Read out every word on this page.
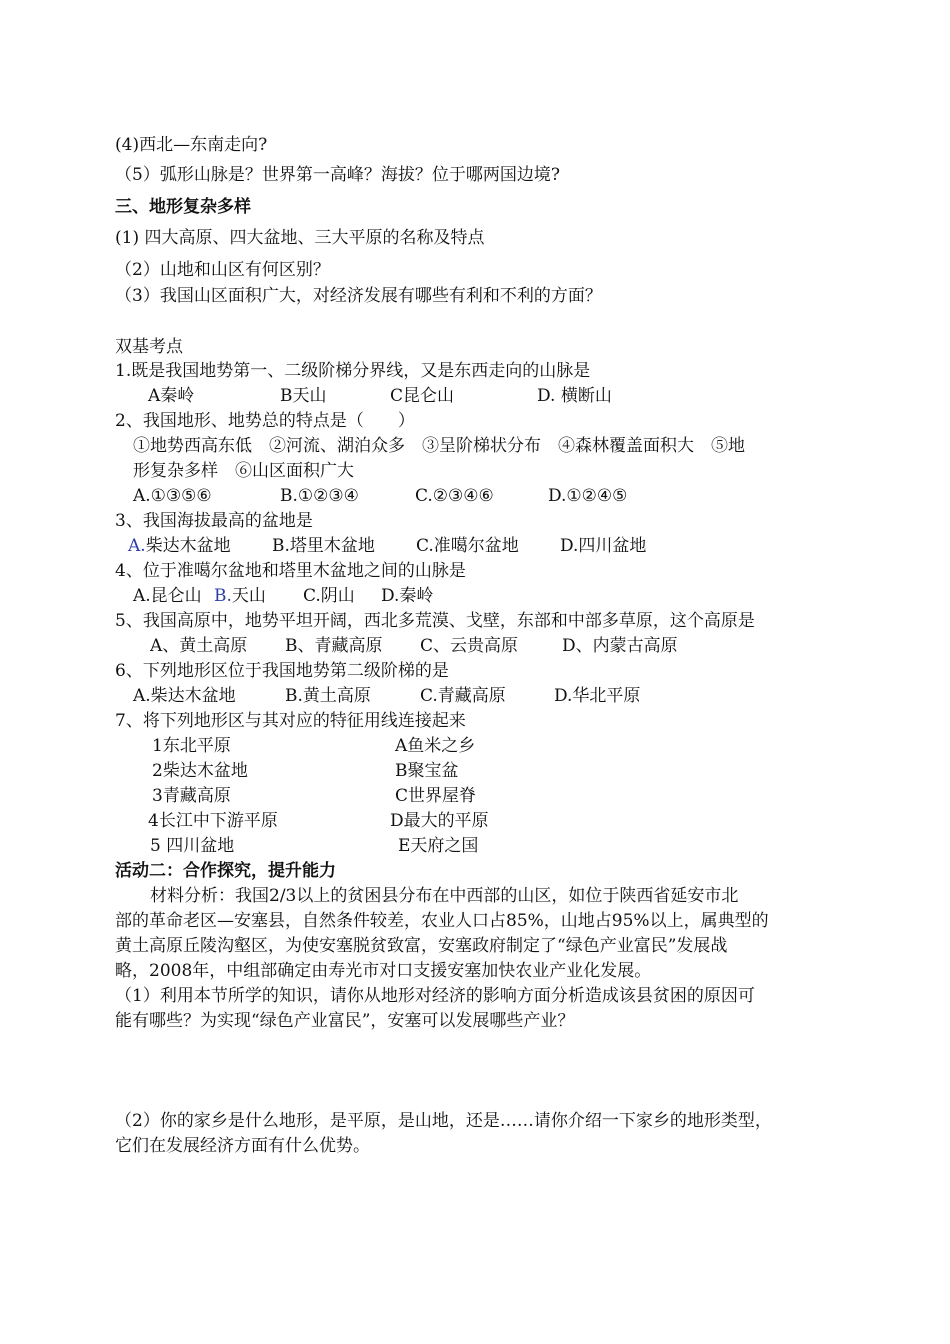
(4)西北—东南走向?
（5）弧形山脉是？世界第一高峰？海拔？位于哪两国边境?
三、地形复杂多样
(1) 四大高原、四大盆地、三大平原的名称及特点
（2）山地和山区有何区别？
（3）我国山区面积广大，对经济发展有哪些有利和不利的方面？
双基考点
1.既是我国地势第一、二级阶梯分界线，又是东西走向的山脉是
A秦岭	B天山	C昆仑山	D. 横断山
2、我国地形、地势总的特点是（　　）
①地势西高东低　②河流、湖泊众多　③呈阶梯状分布　④森林覆盖面积大　⑤地
形复杂多样　⑥山区面积广大
A.①③⑤⑥	B.①②③④	C.②③④⑥	D.①②④⑤
3、我国海拔最高的盆地是
A.柴达木盆地 B.塔里木盆地 C.准噶尔盆地 D.四川盆地
4、位于准噶尔盆地和塔里木盆地之间的山脉是
A.昆仑山 B.天山 C.阴山 D.秦岭
5、我国高原中，地势平坦开阔，西北多荒漠、戈壁，东部和中部多草原，这个高原是
A、黄土高原 B、青藏高原 C、云贵高原	D、内蒙古高原
6、下列地形区位于我国地势第二级阶梯的是
A.柴达木盆地	B.黄土高原	C.青藏高原	D.华北平原
7、将下列地形区与其对应的特征用线连接起来
1东北平原	A鱼米之乡
2柴达木盆地	B聚宝盆
3青藏高原	C世界屋脊
4长江中下游平原	D最大的平原
5 四川盆地	E天府之国
活动二：合作探究，提升能力
材料分析：我国2/3以上的贫困县分布在中西部的山区，如位于陕西省延安市北
部的革命老区—安塞县，自然条件较差，农业人口占85%，山地占95%以上，属典型的
黄土高原丘陵沟壑区，为使安塞脱贫致富，安塞政府制定了“绿色产业富民”发展战
略，2008年，中组部确定由寿光市对口支援安塞加快农业产业化发展。
（1）利用本节所学的知识，请你从地形对经济的影响方面分析造成该县贫困的原因可
能有哪些？为实现“绿色产业富民”，安塞可以发展哪些产业？
（2）你的家乡是什么地形，是平原，是山地，还是……请你介绍一下家乡的地形类型，
它们在发展经济方面有什么优势。
